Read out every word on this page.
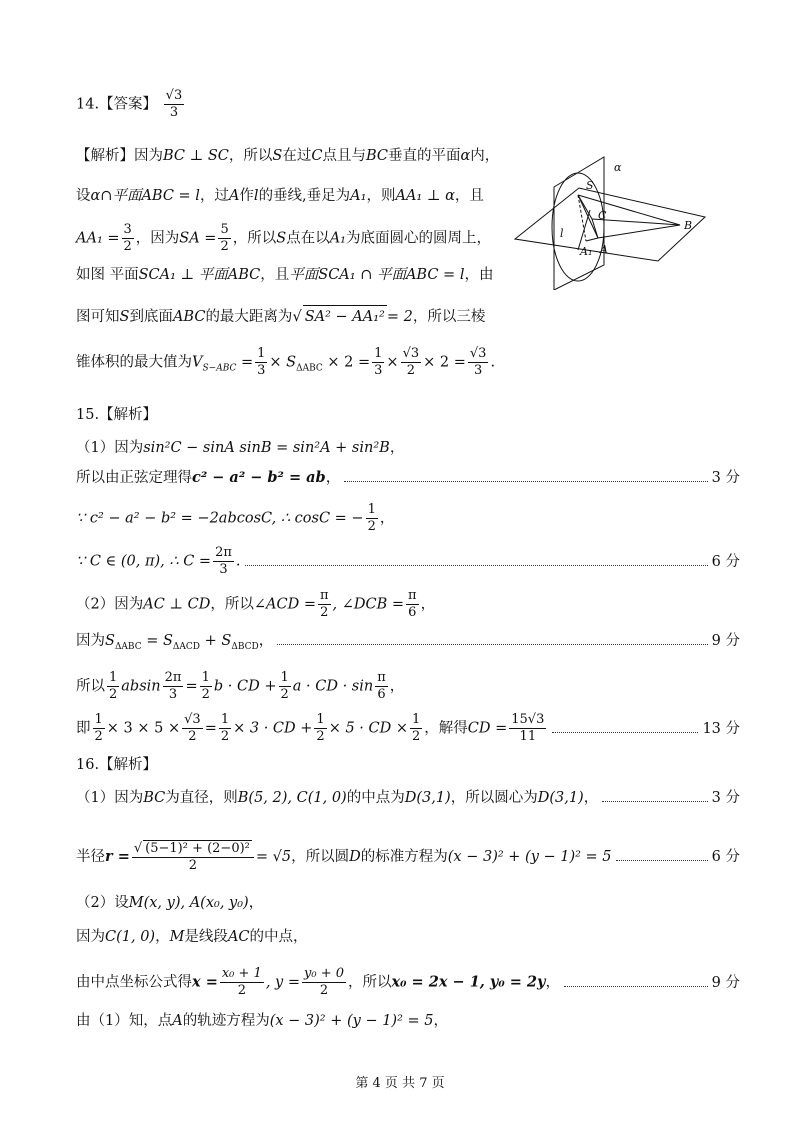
14.【答案】 $\frac{√3}{3}$
【解析】因为BC ⊥ SC，所以S在过C点且与BC垂直的平面α内，
设α∩平面ABC = l，过A作l的垂线,垂足为A₁，则AA₁ ⊥ α，且
$AA_1 = \frac{3}{2}$ ，因为SA = $\frac{5}{2}$ ，所以S点在以A₁为底面圆心的圆周上，
如图 平面SCA₁ ⊥ 平面ABC，且平面SCA₁ ∩ 平面ABC = l，由
图可知S到底面ABC的最大距离为 √ SA² − AA₁² = 2，所以三棱
锥体积的最大值为$V_{S-ABC} = \frac{1}{3} \times S_{\Delta ABC} \times 2 = \frac{1}{3} \times \frac{√3}{2} \times 2 = \frac{√3}{3}$ .
α
S
C
l
A₁ A
B
15.【解析】
（1）因为sin²C − sinA sinB = sin²A + sin²B，
所以由正弦定理得c² − a² − b² = ab，	3 分
∵ c² − a² − b² = −2abcosC, ∴ cosC = − $\frac{1}{2}$ ，
∵ C ∈ (0, π), ∴ $C = \frac{2\pi}{3}$ .	6 分
（2）因为AC ⊥ CD，所以∠ACD = $\frac{\pi}{2}$ , ∠DCB = $\frac{\pi}{6}$ ，
因为$S_{\Delta ABC} = S_{\Delta ACD} + S_{\Delta BCD}$，	9 分
所以 $\frac{1}{2}$ absin $\frac{2\pi}{3} = \frac{1}{2}$ b · CD + $\frac{1}{2}$ a · CD · $\sin \frac{\pi}{6}$ ，
即 $\frac{1}{2} \times 3 \times 5 \times \frac{√3}{2} = \frac{1}{2} \times 3$ · CD + $\frac{1}{2} \times 5$ · CD × $\frac{1}{2}$ ，解得CD = $\frac{15√3}{11}$	13 分
16.【解析】
（1）因为BC为直径，则B(5, 2), C(1, 0)的中点为D(3,1)，所以圆心为D(3,1)，	3 分
半径r = √ $\frac{\text{(5−1)² + (2−0)²}}{2} = √5$，所以圆D的标准方程为(x − 3)² + (y − 1)² = 5	6 分
（2）设M(x, y), A(x₀, y₀)，
因为C(1, 0)，M是线段AC的中点，
由中点坐标公式得$x = \frac{\text{x₀ + 1}}{2}$ , $y = \frac{\text{y₀ + 0}}{2}$ ，所以x₀ = 2x − 1, y₀ = 2y，	9 分
由（1）知，点A的轨迹方程为(x − 3)² + (y − 1)² = 5，
第 4 页 共 7 页
